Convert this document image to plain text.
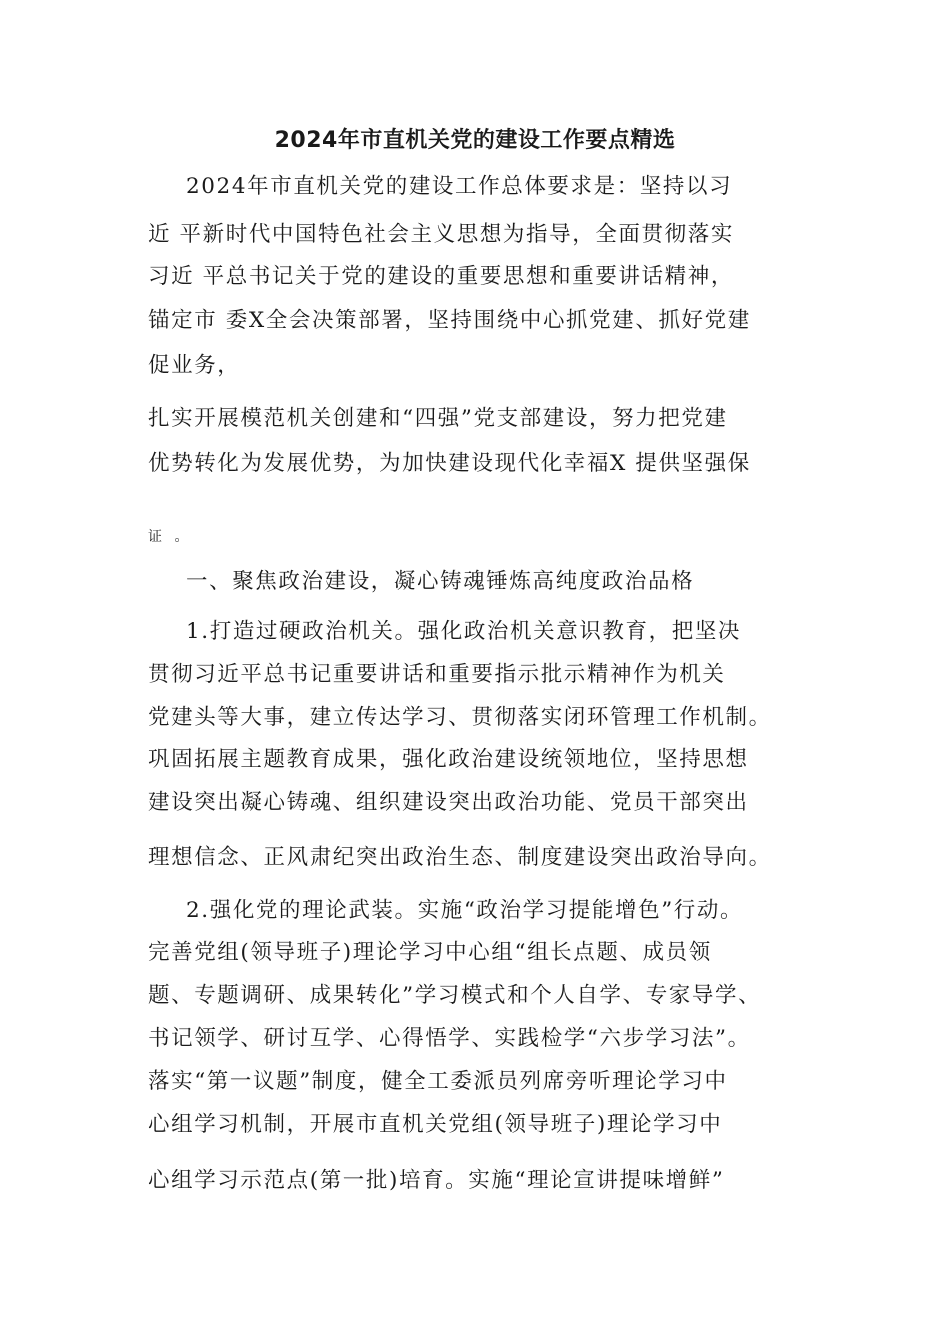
2024年市直机关党的建设工作要点精选
2024年市直机关党的建设工作总体要求是：坚持以习
近 平新时代中国特色社会主义思想为指导，全面贯彻落实
习近 平总书记关于党的建设的重要思想和重要讲话精神，
锚定市 委X全会决策部署，坚持围绕中心抓党建、抓好党建
促业务，
扎实开展模范机关创建和“四强”党支部建设，努力把党建
优势转化为发展优势，为加快建设现代化幸福X 提供坚强保
证 。
一、聚焦政治建设，凝心铸魂锤炼高纯度政治品格
1.打造过硬政治机关。强化政治机关意识教育，把坚决
贯彻习近平总书记重要讲话和重要指示批示精神作为机关
党建头等大事，建立传达学习、贯彻落实闭环管理工作机制。
巩固拓展主题教育成果，强化政治建设统领地位，坚持思想
建设突出凝心铸魂、组织建设突出政治功能、党员干部突出
理想信念、正风肃纪突出政治生态、制度建设突出政治导向。
2.强化党的理论武装。实施“政治学习提能增色”行动。
完善党组(领导班子)理论学习中心组“组长点题、成员领
题、专题调研、成果转化”学习模式和个人自学、专家导学、
书记领学、研讨互学、心得悟学、实践检学“六步学习法”。
落实“第一议题”制度，健全工委派员列席旁听理论学习中
心组学习机制，开展市直机关党组(领导班子)理论学习中
心组学习示范点(第一批)培育。实施“理论宣讲提味增鲜”
